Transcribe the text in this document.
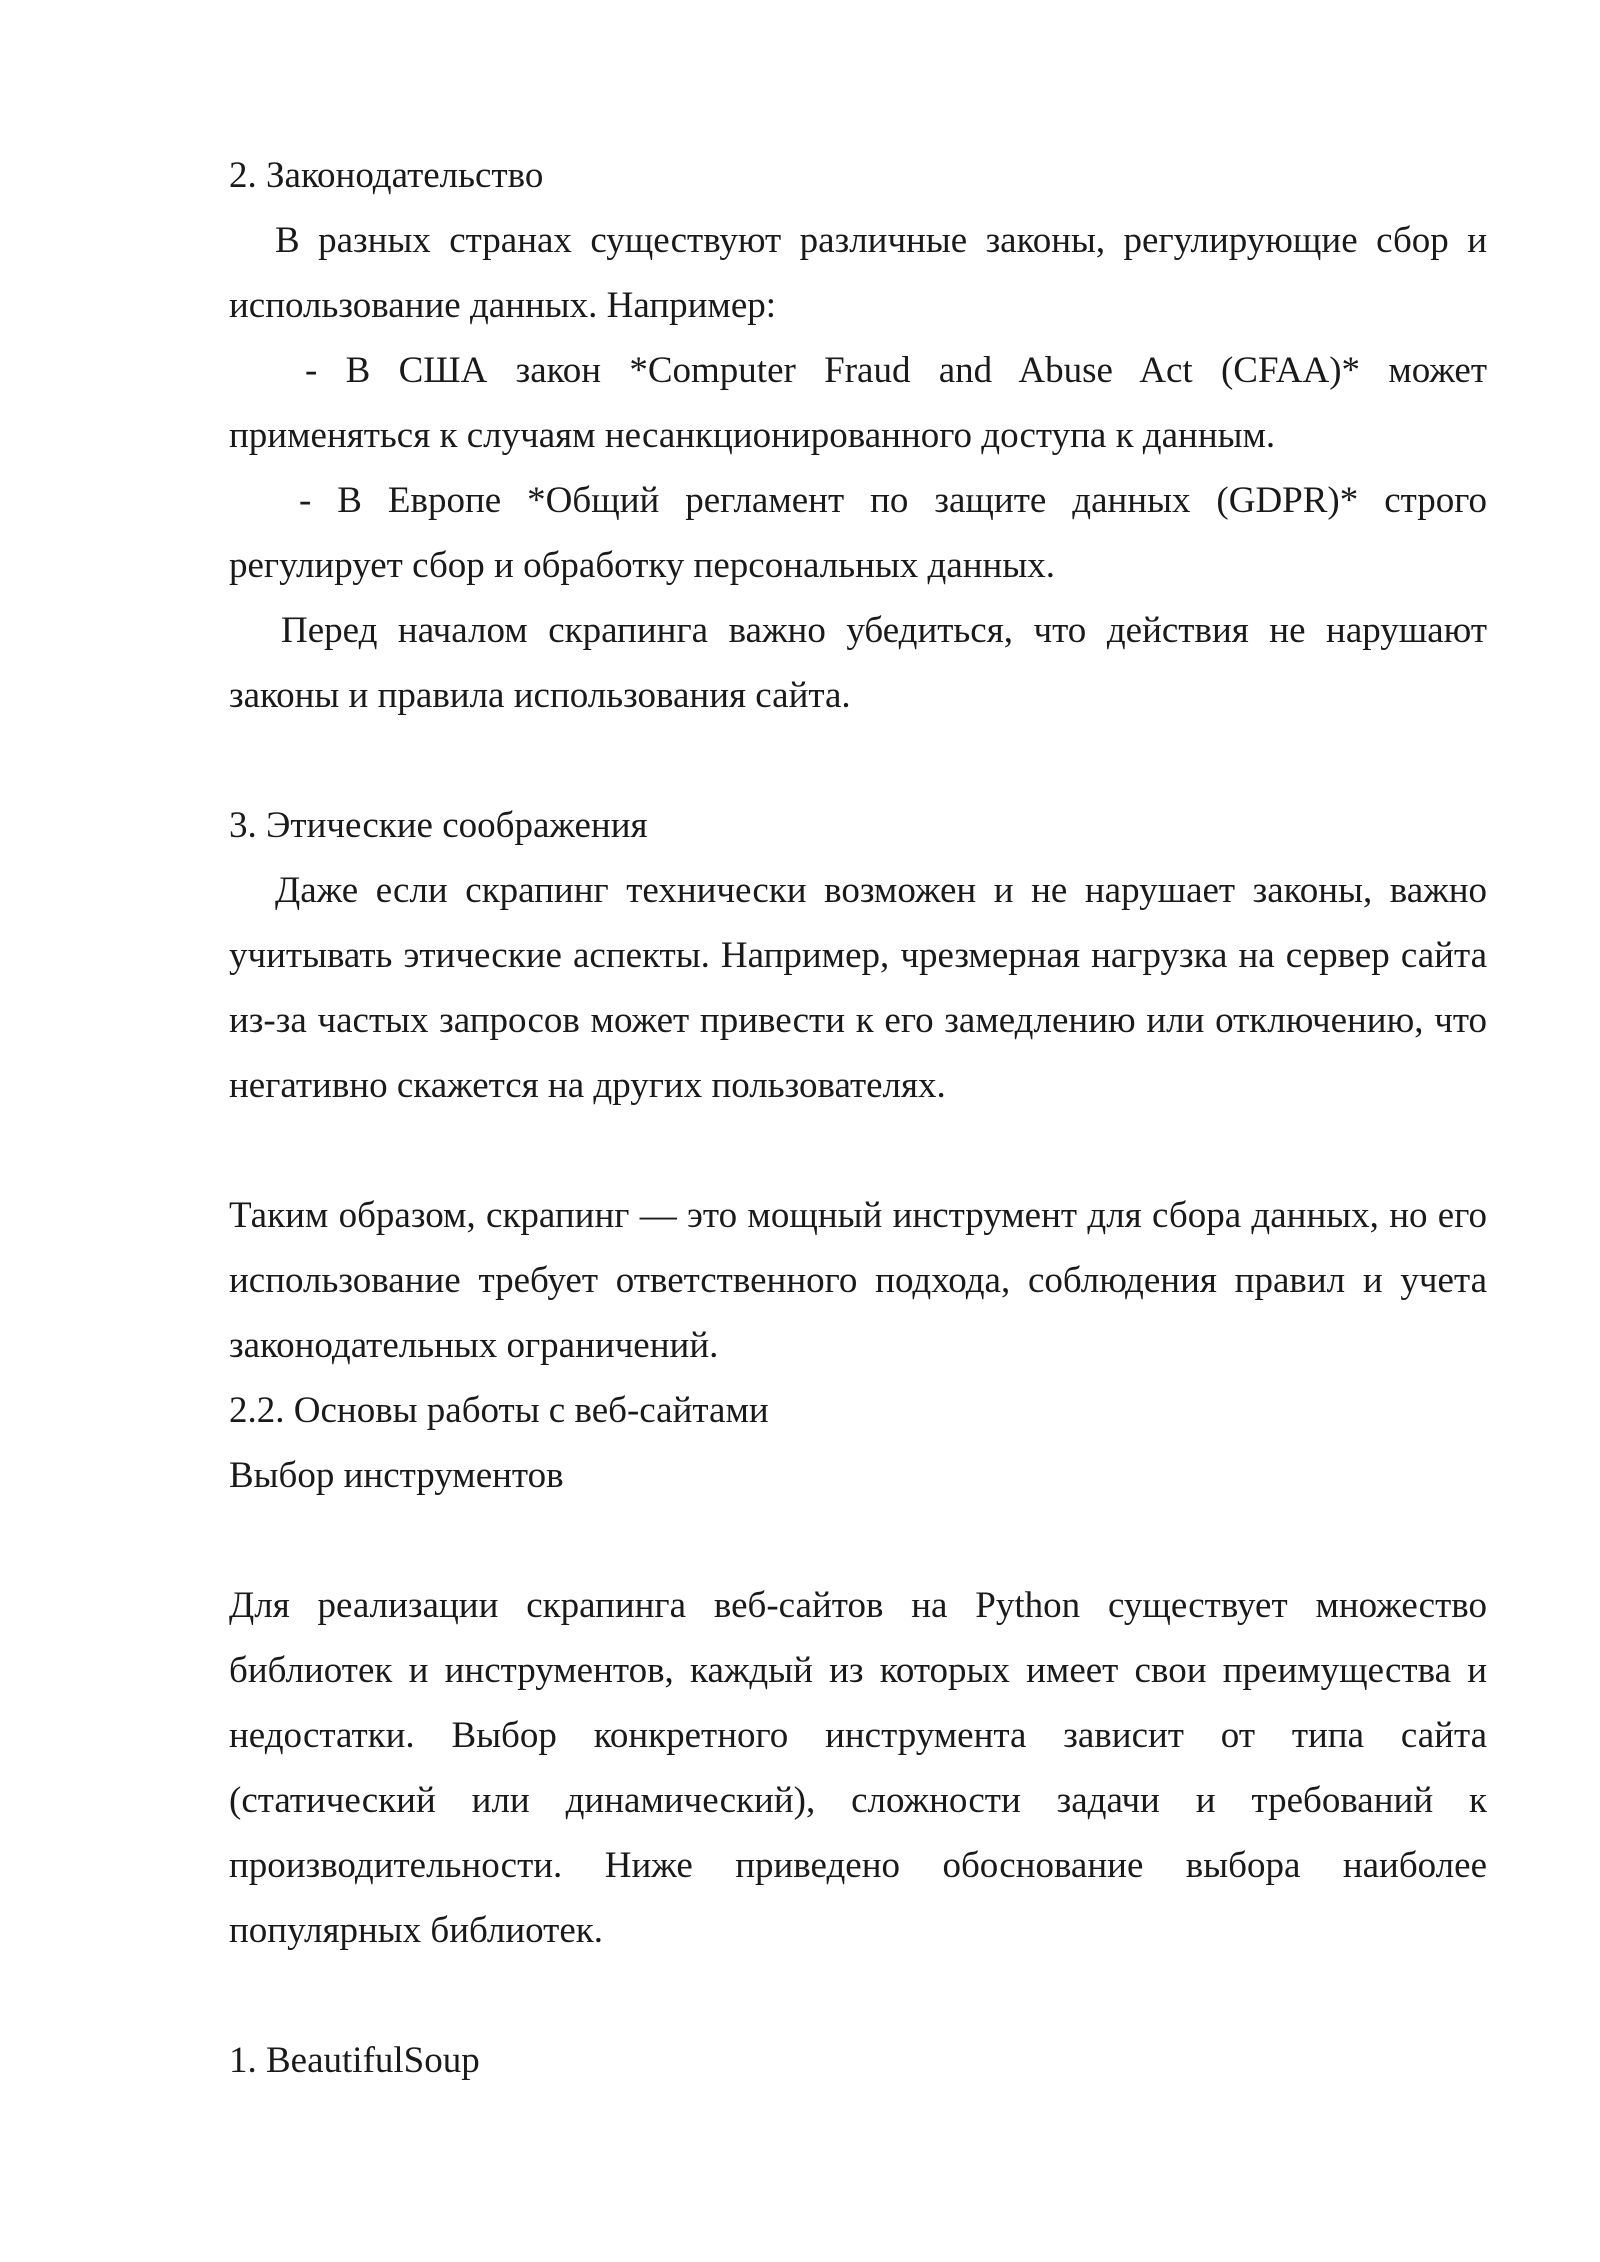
2. Законодательство

В разных странах существуют различные законы, регулирующие сбор и использование данных. Например:

- В США закон *Computer Fraud and Abuse Act (CFAA)* может применяться к случаям несанкционированного доступа к данным.

- В Европе *Общий регламент по защите данных (GDPR)* строго регулирует сбор и обработку персональных данных.

Перед началом скрапинга важно убедиться, что действия не нарушают законы и правила использования сайта.

3. Этические соображения

Даже если скрапинг технически возможен и не нарушает законы, важно учитывать этические аспекты. Например, чрезмерная нагрузка на сервер сайта из-за частых запросов может привести к его замедлению или отключению, что негативно скажется на других пользователях.

Таким образом, скрапинг — это мощный инструмент для сбора данных, но его использование требует ответственного подхода, соблюдения правил и учета законодательных ограничений.

2.2. Основы работы с веб-сайтами

Выбор инструментов

Для реализации скрапинга веб-сайтов на Python существует множество библиотек и инструментов, каждый из которых имеет свои преимущества и недостатки. Выбор конкретного инструмента зависит от типа сайта (статический или динамический), сложности задачи и требований к производительности. Ниже приведено обоснование выбора наиболее популярных библиотек.

1. BeautifulSoup
